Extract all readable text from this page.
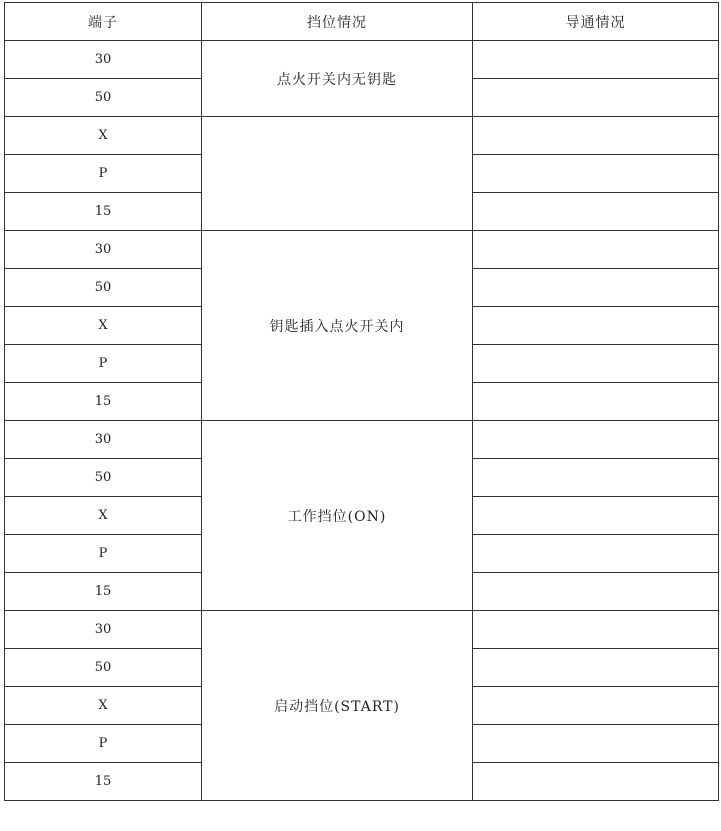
端子	挡位情况	导通情况
30	点火开关内无钥匙	
50		
X		
P		
15		
30	钥匙插入点火开关内	
50		
X		
P		
15		
30	工作挡位(ON)	
50		
X		
P		
15		
30	启动挡位(START)	
50		
X		
P		
15		
